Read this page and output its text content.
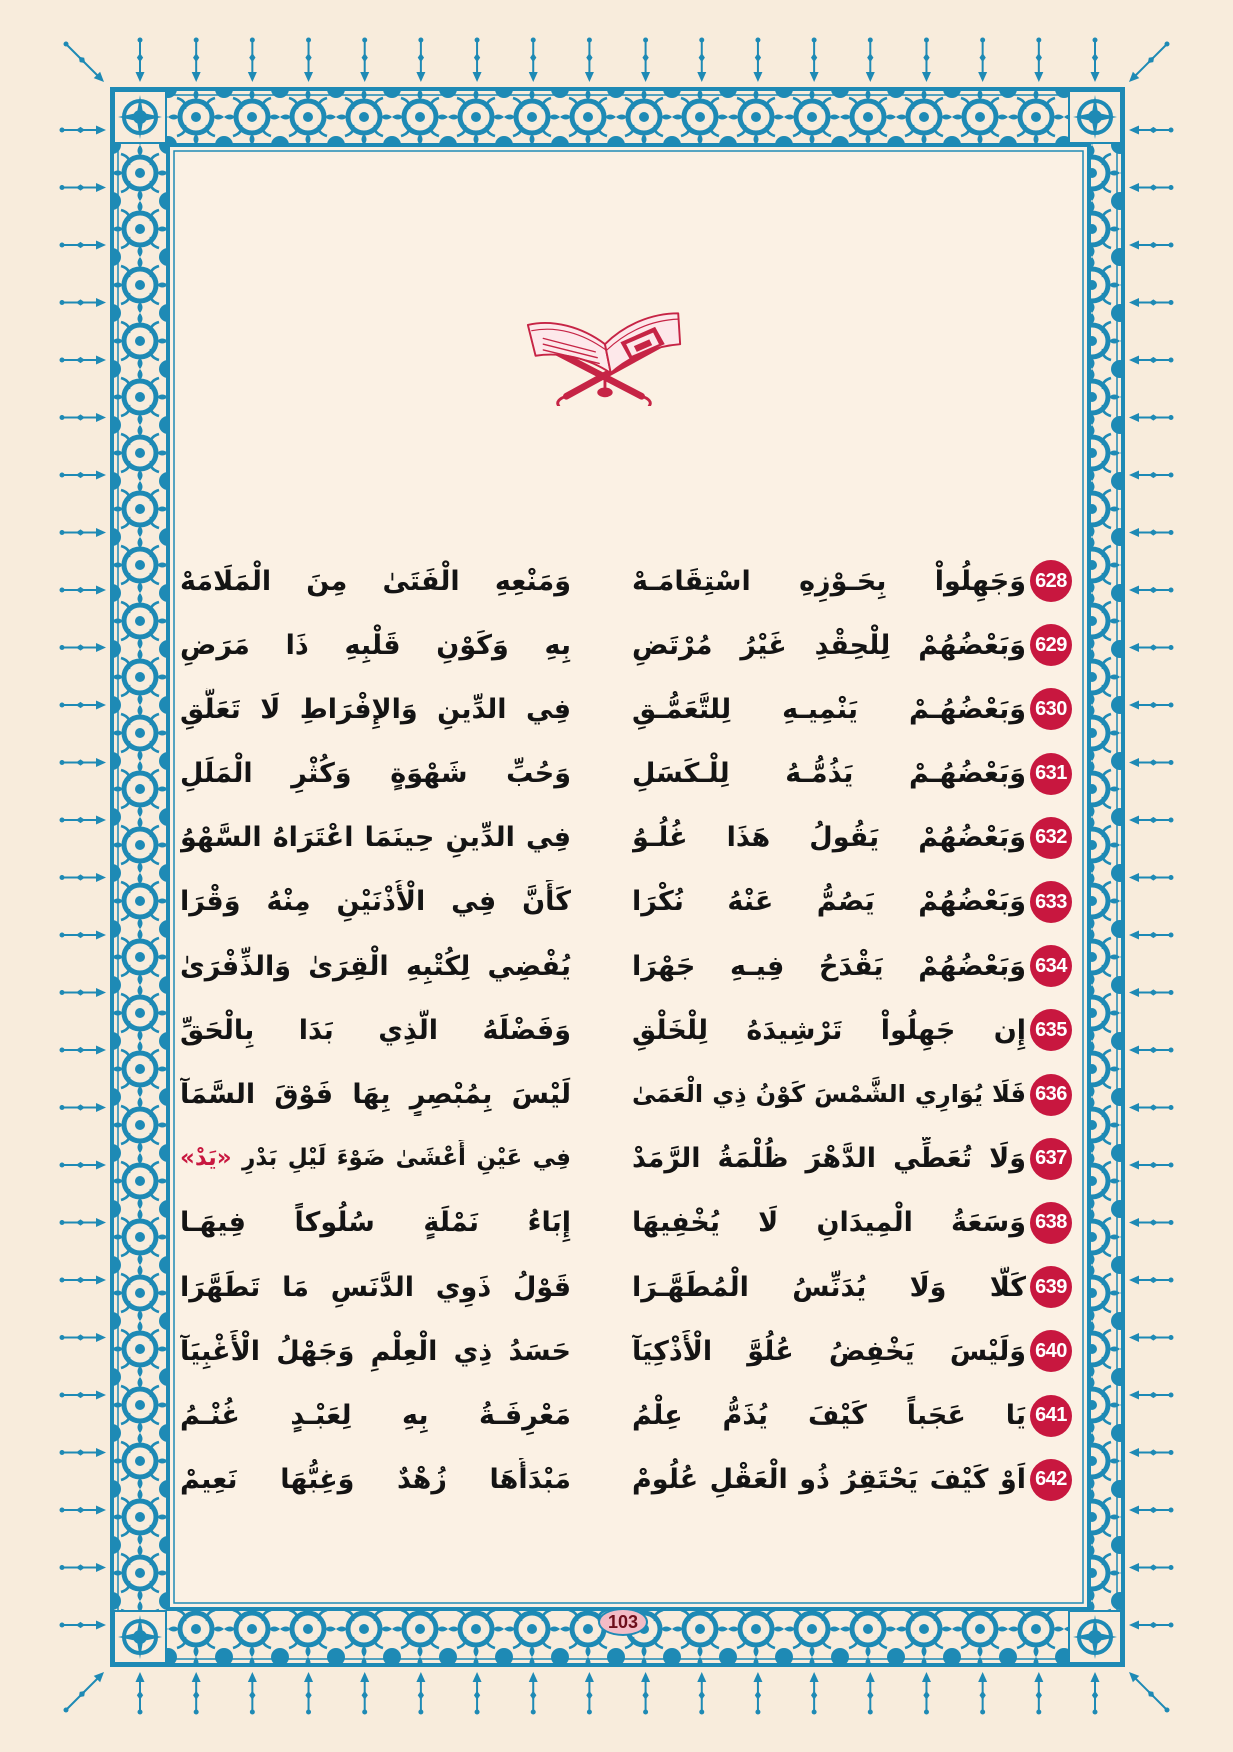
628
وَجَهِلُواْ بِحَـوْزِهِ اسْتِقَامَـهْ
وَمَنْعِهِ الْفَتَىٰ مِنَ الْمَلَامَهْ
629
وَبَعْضُهُمْ لِلْحِقْدِ غَيْرُ مُرْتَضِ
بِهِ وَكَوْنِ قَلْبِهِ ذَا مَرَضِ
630
وَبَعْضُهُـمْ يَنْمِيـهِ لِلتَّعَمُّـقِ
فِي الدِّينِ وَالإِفْرَاطِ لَا تَعَلُّقِ
631
وَبَعْضُهُـمْ يَذُمُّـهُ لِلْـكَسَلِ
وَحُبِّ شَهْوَةٍ وَكُثْرِ الْمَلَلِ
632
وَبَعْضُهُمْ يَقُولُ هَذَا غُلُـوُ
فِي الدِّينِ حِينَمَا اعْتَرَاهُ السَّهْوُ
633
وَبَعْضُهُمْ يَصُمُّ عَنْهُ نُكْرَا
كَأَنَّ فِي الْأُذْنَيْنِ مِنْهُ وَقْرَا
634
وَبَعْضُهُمْ يَقْدَحُ فِيـهِ جَهْرَا
يُفْضِي لِكُتْبِهِ الْقِرَىٰ وَالذِّفْرَىٰ
635
إِن جَهِلُواْ تَرْشِيدَهُ لِلْخَلْقِ
وَفَضْلَهُ الَّذِي بَدَا بِالْحَقِّ
636
فَلَا يُوَارِي الشَّمْسَ كَوْنُ ذِي الْعَمَىٰ
لَيْسَ بِمُبْصِرٍ بِهَا فَوْقَ السَّمَآ
637
وَلَا تُعَطِّي الدَّهْرَ ظُلْمَةُ الرَّمَدْ
فِي عَيْنِ أَعْشَىٰ ضَوْءَ لَيْلِ بَدْرِ «يَدْ»
638
وَسَعَةُ الْمِيدَانِ لَا يُخْفِيهَا
إِبَاءُ نَمْلَةٍ سُلُوكاً فِيهَـا
639
كَلَّا وَلَا يُدَنِّسُ الْمُطَهَّـرَا
قَوْلُ ذَوِي الدَّنَسِ مَا تَطَهَّرَا
640
وَلَيْسَ يَخْفِضُ عُلُوَّ الْأَذْكِيَآ
حَسَدُ ذِي الْعِلْمِ وَجَهْلُ الْأَغْبِيَآ
641
يَا عَجَباً كَيْفَ يُذَمُّ عِلْمُ
مَعْرِفَـةُ بِهِ لِعَبْـدٍ غُنْـمُ
642
اَوْ كَيْفَ يَحْتَقِرُ ذُو الْعَقْلِ عُلُومْ
مَبْدَأُهَا زُهْدٌ وَغِبُّهَا نَعِيمْ
103
